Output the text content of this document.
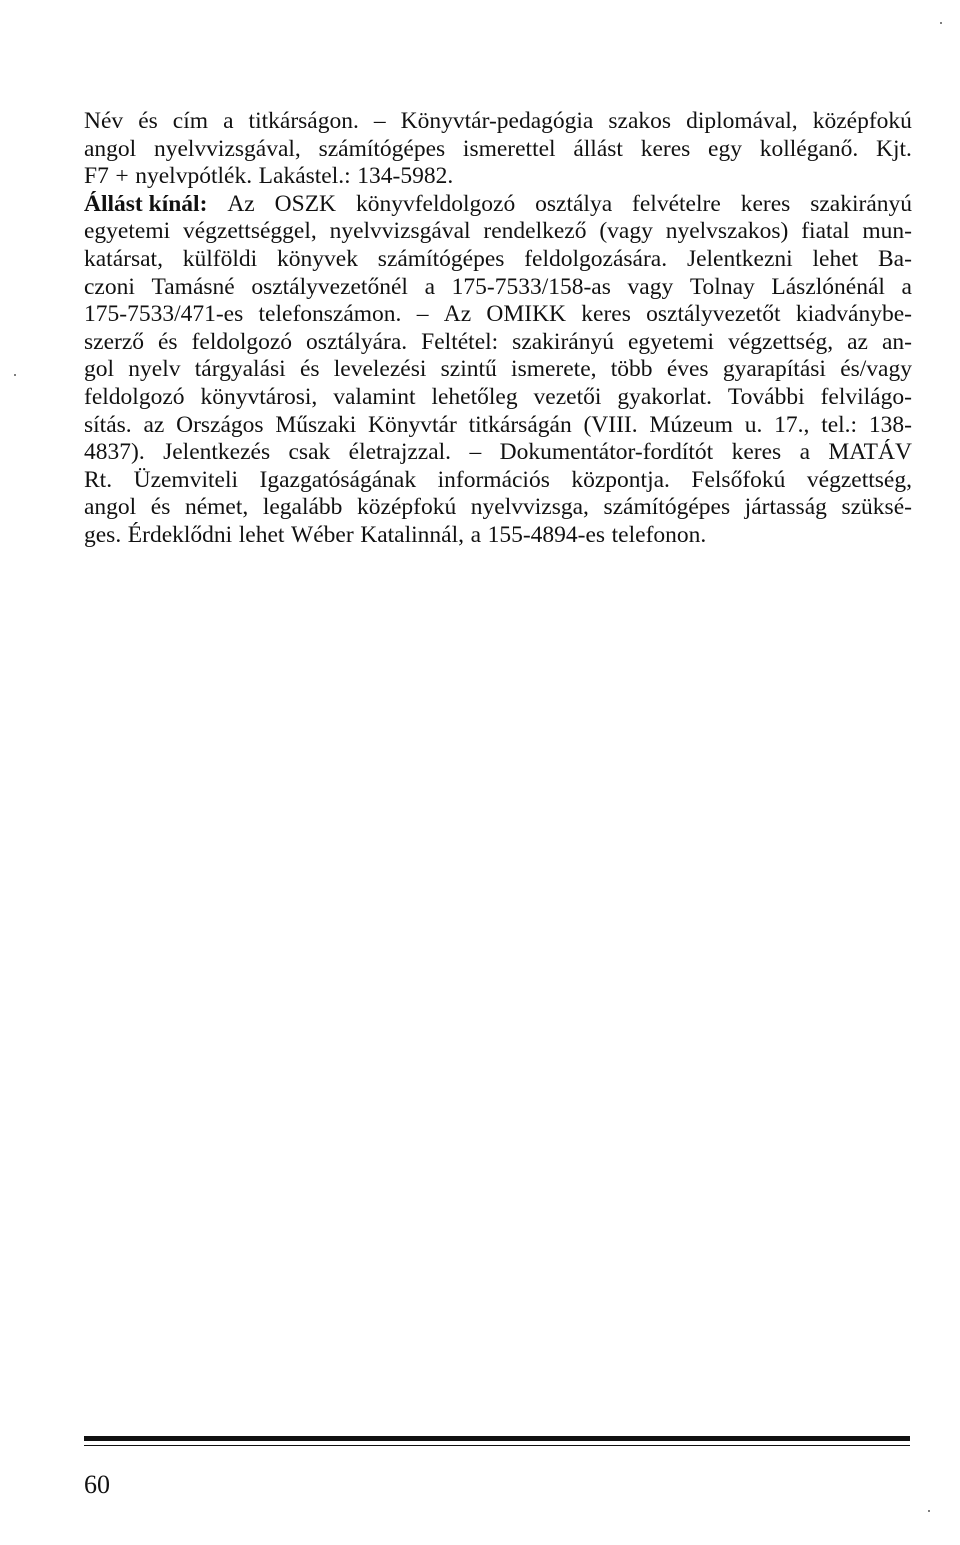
Név és cím a titkárságon. – Könyvtár-pedagógia szakos diplomával, középfokú
angol nyelvvizsgával, számítógépes ismerettel állást keres egy kolléganő. Kjt.
F7 + nyelvpótlék. Lakástel.: 134-5982.
Állást kínál: Az OSZK könyvfeldolgozó osztálya felvételre keres szakirányú
egyetemi végzettséggel, nyelvvizsgával rendelkező (vagy nyelvszakos) fiatal mun-
katársat, külföldi könyvek számítógépes feldolgozására. Jelentkezni lehet Ba-
czoni Tamásné osztályvezetőnél a 175-7533/158-as vagy Tolnay Lászlónénál a
175-7533/471-es telefonszámon. – Az OMIKK keres osztályvezetőt kiadványbe-
szerző és feldolgozó osztályára. Feltétel: szakirányú egyetemi végzettség, az an-
gol nyelv tárgyalási és levelezési szintű ismerete, több éves gyarapítási és/vagy
feldolgozó könyvtárosi, valamint lehetőleg vezetői gyakorlat. További felvilágo-
sítás. az Országos Műszaki Könyvtár titkárságán (VIII. Múzeum u. 17., tel.: 138-
4837). Jelentkezés csak életrajzzal. – Dokumentátor-fordítót keres a MATÁV
Rt. Üzemviteli Igazgatóságának információs központja. Felsőfokú végzettség,
angol és német, legalább középfokú nyelvvizsga, számítógépes jártasság szüksé-
ges. Érdeklődni lehet Wéber Katalinnál, a 155-4894-es telefonon.
60
